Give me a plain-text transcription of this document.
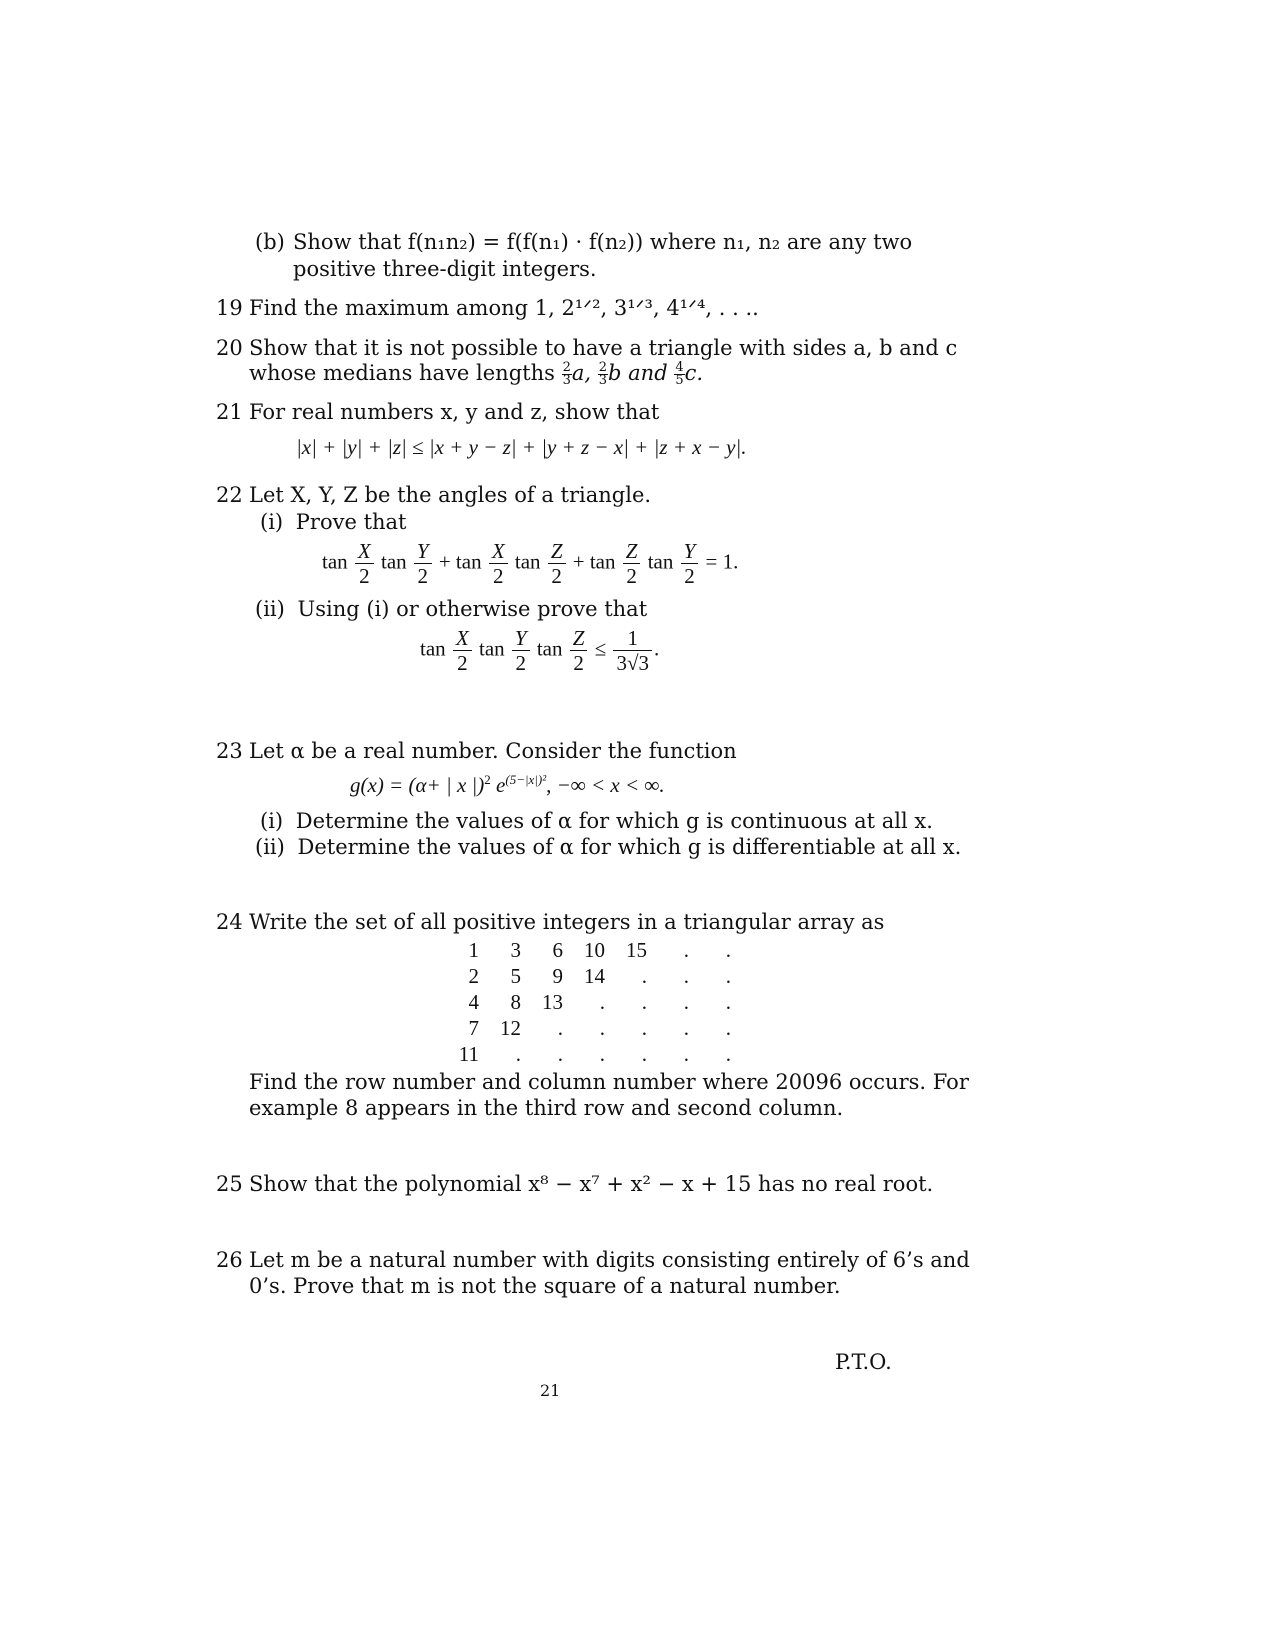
(b) Show that f(n₁n₂) = f(f(n₁) · f(n₂)) where n₁, n₂ are any two
positive three-digit integers.
19 Find the maximum among 1, 2¹ᐟ², 3¹ᐟ³, 4¹ᐟ⁴, . . ..
20 Show that it is not possible to have a triangle with sides a, b and c
whose medians have lengths $\frac{2}{3} a$, $\frac{2}{3}$ b and $\frac{4}{5} c$.
21 For real numbers x, y and z, show that
|x| + |y| + |z| ≤ |x + y − z| + |y + z − x| + |z + x − y|.
22 Let X, Y, Z be the angles of a triangle.
(i) Prove that
$\tan \frac{X}{2}$ $\tan \frac{Y}{2} + \tan \frac{X}{2}$ $\tan \frac{Z}{2} + \tan \frac{Z}{2}$ $\tan \frac{Y}{2} = 1$.
(ii) Using (i) or otherwise prove that
$\tan \frac{X}{2}$ $\tan \frac{Y}{2}$ $\tan \frac{Z}{2} \le \frac{1}{3√3}$ .
23 Let α be a real number. Consider the function
g(x) = (α+ | x |)$^2$ $e^{(5-|x|)^2}$, −∞ < x < ∞.
(i) Determine the values of α for which g is continuous at all x.
(ii) Determine the values of α for which g is differentiable at all x.
24 Write the set of all positive integers in a triangular array as
1	3	6	10	15	.	.
2	5	9	14	.	.	.
4	8	13	.	.	.	.
7	12	.	.	.	.	.
11	.	.	.	.	.	.
Find the row number and column number where 20096 occurs. For
example 8 appears in the third row and second column.
25 Show that the polynomial x⁸ − x⁷ + x² − x + 15 has no real root.
26 Let m be a natural number with digits consisting entirely of 6’s and
0’s. Prove that m is not the square of a natural number.
P.T.O.
21
